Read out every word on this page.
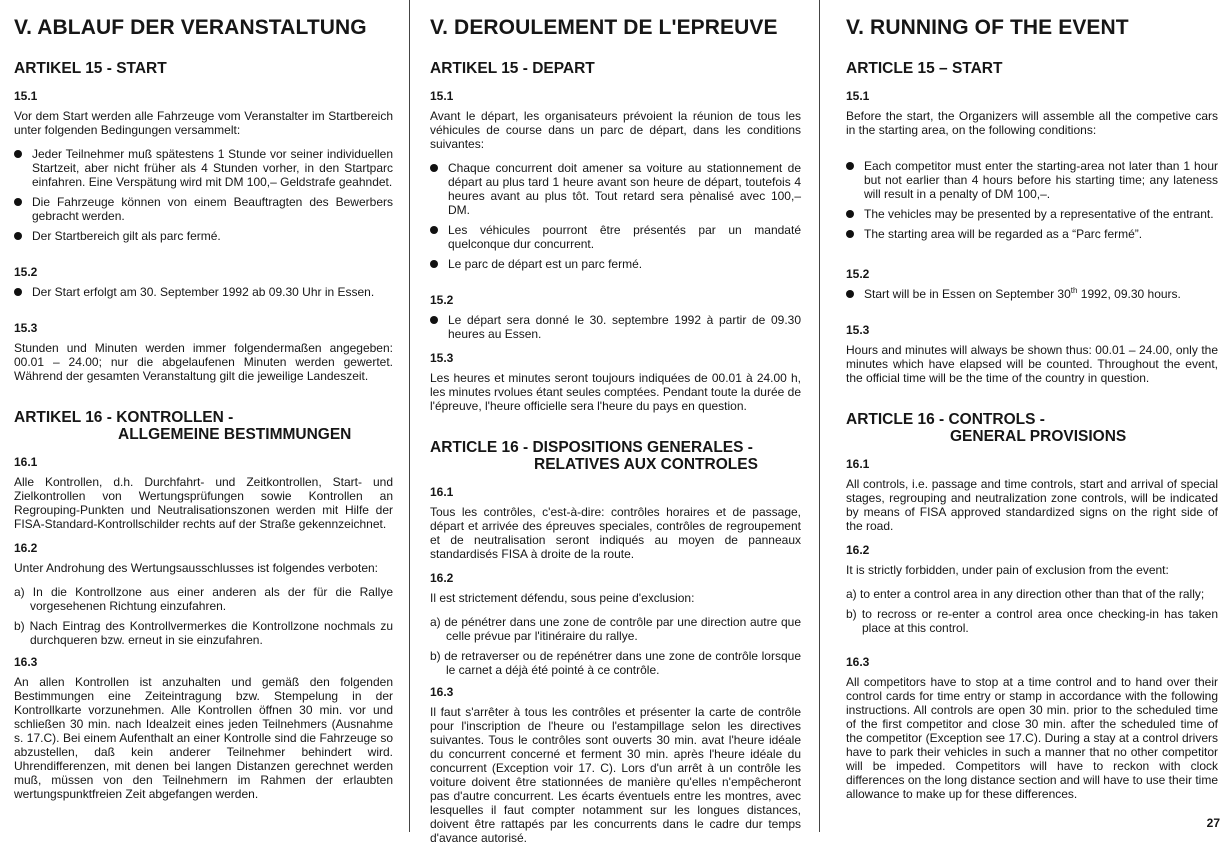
V. ABLAUF DER VERANSTALTUNG
ARTIKEL 15 - START
15.1
Vor dem Start werden alle Fahrzeuge vom Veranstalter im Startbereich unter folgenden Bedingungen versammelt:
Jeder Teilnehmer muß spätestens 1 Stunde vor seiner individuellen Startzeit, aber nicht früher als 4 Stunden vorher, in den Startparc einfahren. Eine Verspätung wird mit DM 100,– Geldstrafe geahndet.
Die Fahrzeuge können von einem Beauftragten des Bewerbers gebracht werden.
Der Startbereich gilt als parc fermé.
15.2
Der Start erfolgt am 30. September 1992 ab 09.30 Uhr in Essen.
15.3
Stunden und Minuten werden immer folgendermaßen angegeben: 00.01 – 24.00; nur die abgelaufenen Minuten werden gewertet. Während der gesamten Veranstaltung gilt die jeweilige Landeszeit.
ARTIKEL 16 - KONTROLLEN -
ALLGEMEINE BESTIMMUNGEN
16.1
Alle Kontrollen, d.h. Durchfahrt- und Zeitkontrollen, Start- und Zielkontrollen von Wertungsprüfungen sowie Kontrollen an Regrouping-Punkten und Neutralisationszonen werden mit Hilfe der FISA-Standard-Kontrollschilder rechts auf der Straße gekennzeichnet.
16.2
Unter Androhung des Wertungsausschlusses ist folgendes verboten:
a) In die Kontrollzone aus einer anderen als der für die Rallye vorgesehenen Richtung einzufahren.
b) Nach Eintrag des Kontrollvermerkes die Kontrollzone nochmals zu durchqueren bzw. erneut in sie einzufahren.
16.3
An allen Kontrollen ist anzuhalten und gemäß den folgenden Bestimmungen eine Zeiteintragung bzw. Stempelung in der Kontrollkarte vorzunehmen. Alle Kontrollen öffnen 30 min. vor und schließen 30 min. nach Idealzeit eines jeden Teilnehmers (Ausnahme s. 17.C). Bei einem Aufenthalt an einer Kontrolle sind die Fahrzeuge so abzustellen, daß kein anderer Teilnehmer behindert wird. Uhrendifferenzen, mit denen bei langen Distanzen gerechnet werden muß, müssen von den Teilnehmern im Rahmen der erlaubten wertungspunktfreien Zeit abgefangen werden.
V. DEROULEMENT DE L'EPREUVE
ARTIKEL 15 - DEPART
15.1
Avant le départ, les organisateurs prévoient la réunion de tous les véhicules de course dans un parc de départ, dans les conditions suivantes:
Chaque concurrent doit amener sa voiture au stationnement de départ au plus tard 1 heure avant son heure de départ, toutefois 4 heures avant au plus tôt. Tout retard sera pènalisé avec 100,– DM.
Les véhicules pourront être présentés par un mandaté quelconque dur concurrent.
Le parc de départ est un parc fermé.
15.2
Le départ sera donné le 30. septembre 1992 à partir de 09.30 heures au Essen.
15.3
Les heures et minutes seront toujours indiquées de 00.01 à 24.00 h, les minutes rvolues étant seules comptées. Pendant toute la durée de l'épreuve, l'heure officielle sera l'heure du pays en question.
ARTICLE 16 - DISPOSITIONS GENERALES -
RELATIVES AUX CONTROLES
16.1
Tous les contrôles, c'est-à-dire: contrôles horaires et de passage, départ et arrivée des épreuves speciales, contrôles de regroupement et de neutralisation seront indiqués au moyen de panneaux standardisés FISA à droite de la route.
16.2
Il est strictement défendu, sous peine d'exclusion:
a) de pénétrer dans une zone de contrôle par une direction autre que celle prévue par l'itinéraire du rallye.
b) de retraverser ou de repénétrer dans une zone de contrôle lorsque le carnet a déjà été pointé à ce contrôle.
16.3
Il faut s'arrêter à tous les contrôles et présenter la carte de contrôle pour l'inscription de l'heure ou l'estampillage selon les directives suivantes. Tous le contrôles sont ouverts 30 min. avat l'heure idéale du concurrent concerné et ferment 30 min. après l'heure idéale du concurrent (Exception voir 17. C). Lors d'un arrêt à un contrôle les voiture doivent être stationnées de manière qu'elles n'empêcheront pas d'autre concurrent. Les écarts éventuels entre les montres, avec lesquelles il faut compter notamment sur les longues distances, doivent être rattapés par les concurrents dans le cadre dur temps d'avance autorisé.
V. RUNNING OF THE EVENT
ARTICLE 15 – START
15.1
Before the start, the Organizers will assemble all the competive cars in the starting area, on the following conditions:
Each competitor must enter the starting-area not later than 1 hour but not earlier than 4 hours before his starting time; any lateness will result in a penalty of DM 100,–.
The vehicles may be presented by a representative of the entrant.
The starting area will be regarded as a “Parc fermé”.
15.2
Start will be in Essen on September 30th 1992, 09.30 hours.
15.3
Hours and minutes will always be shown thus: 00.01 – 24.00, only the minutes which have elapsed will be counted. Throughout the event, the official time will be the time of the country in question.
ARTICLE 16 - CONTROLS -
GENERAL PROVISIONS
16.1
All controls, i.e. passage and time controls, start and arrival of special stages, regrouping and neutralization zone controls, will be indicated by means of FISA approved standardized signs on the right side of the road.
16.2
It is strictly forbidden, under pain of exclusion from the event:
a) to enter a control area in any direction other than that of the rally;
b) to recross or re-enter a control area once checking-in has taken place at this control.
16.3
All competitors have to stop at a time control and to hand over their control cards for time entry or stamp in accordance with the following instructions. All controls are open 30 min. prior to the scheduled time of the first competitor and close 30 min. after the scheduled time of the competitor (Exception see 17.C). During a stay at a control drivers have to park their vehicles in such a manner that no other competitor will be impeded. Competitors will have to reckon with clock differences on the long distance section and will have to use their time allowance to make up for these differences.
27
